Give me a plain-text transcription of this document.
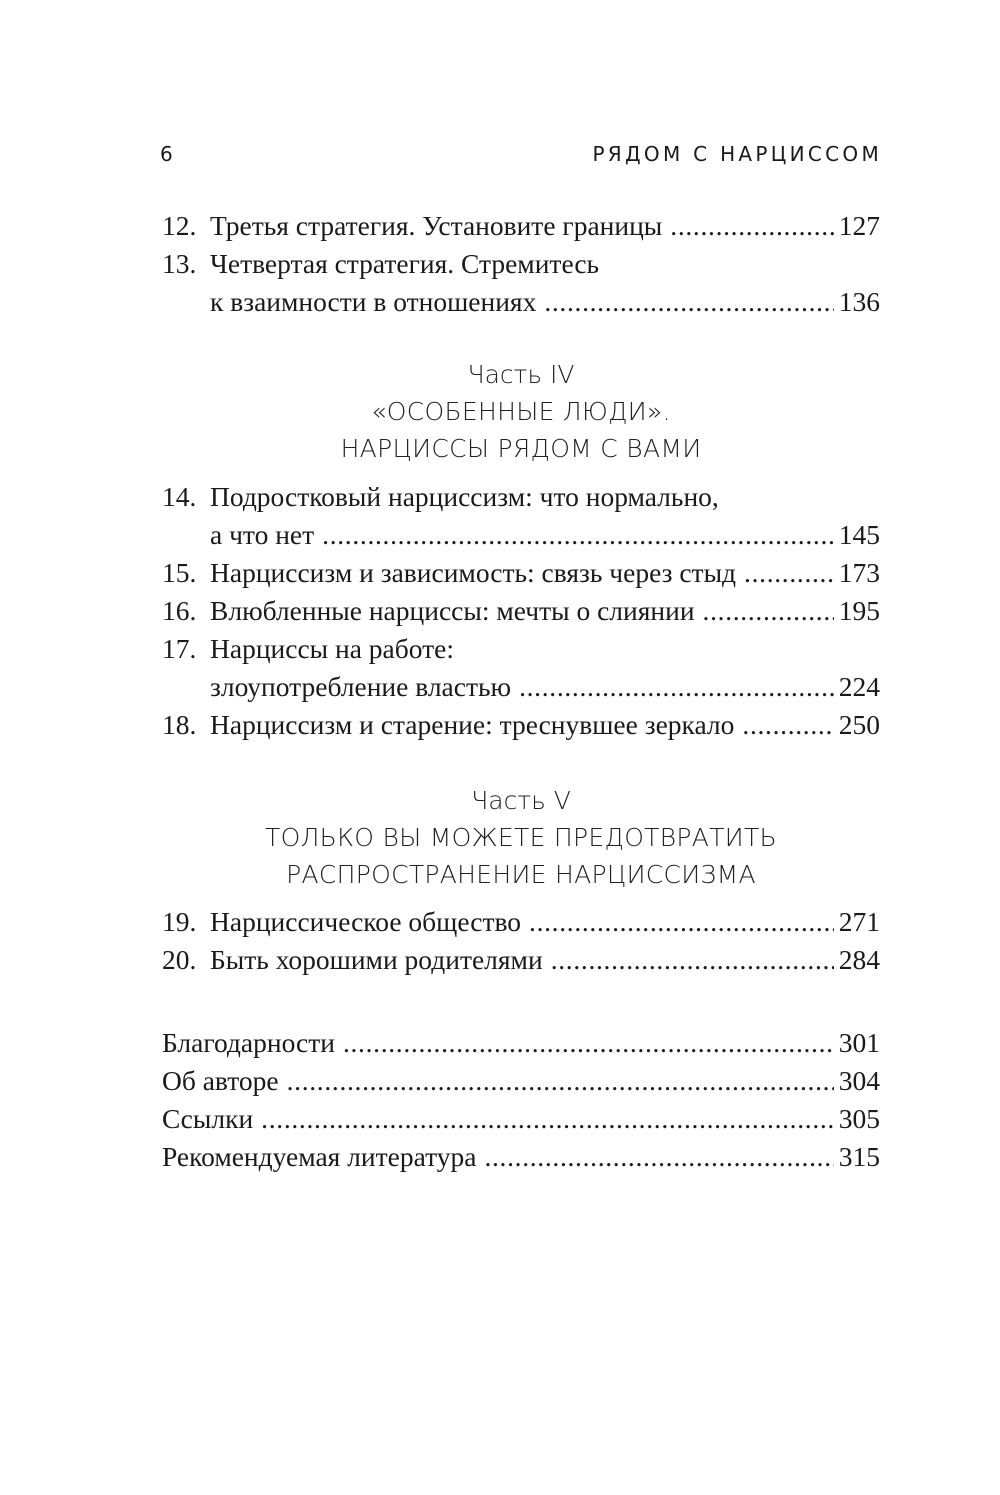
6	РЯДОМ С НАРЦИССОМ
12. Третья стратегия. Установите границы . . .	127
13. Четвертая стратегия. Стремитесь
к взаимности в отношениях . . .	136
Часть IV
«ОСОБЕННЫЕ ЛЮДИ».
НАРЦИССЫ РЯДОМ С ВАМИ
14. Подростковый нарциссизм: что нормально,
а что нет . . .	145
15. Нарциссизм и зависимость: связь через стыд . . .	173
16. Влюбленные нарциссы: мечты о слиянии . . .	195
17. Нарциссы на работе:
злоупотребление властью . . .	224
18. Нарциссизм и старение: треснувшее зеркало . . .	250
Часть V
ТОЛЬКО ВЫ МОЖЕТЕ ПРЕДОТВРАТИТЬ
РАСПРОСТРАНЕНИЕ НАРЦИССИЗМА
19. Нарциссическое общество . . .	271
20. Быть хорошими родителями . . .	284
Благодарности . . .	301
Об авторе . . .	304
Ссылки . . .	305
Рекомендуемая литература . . .	315
